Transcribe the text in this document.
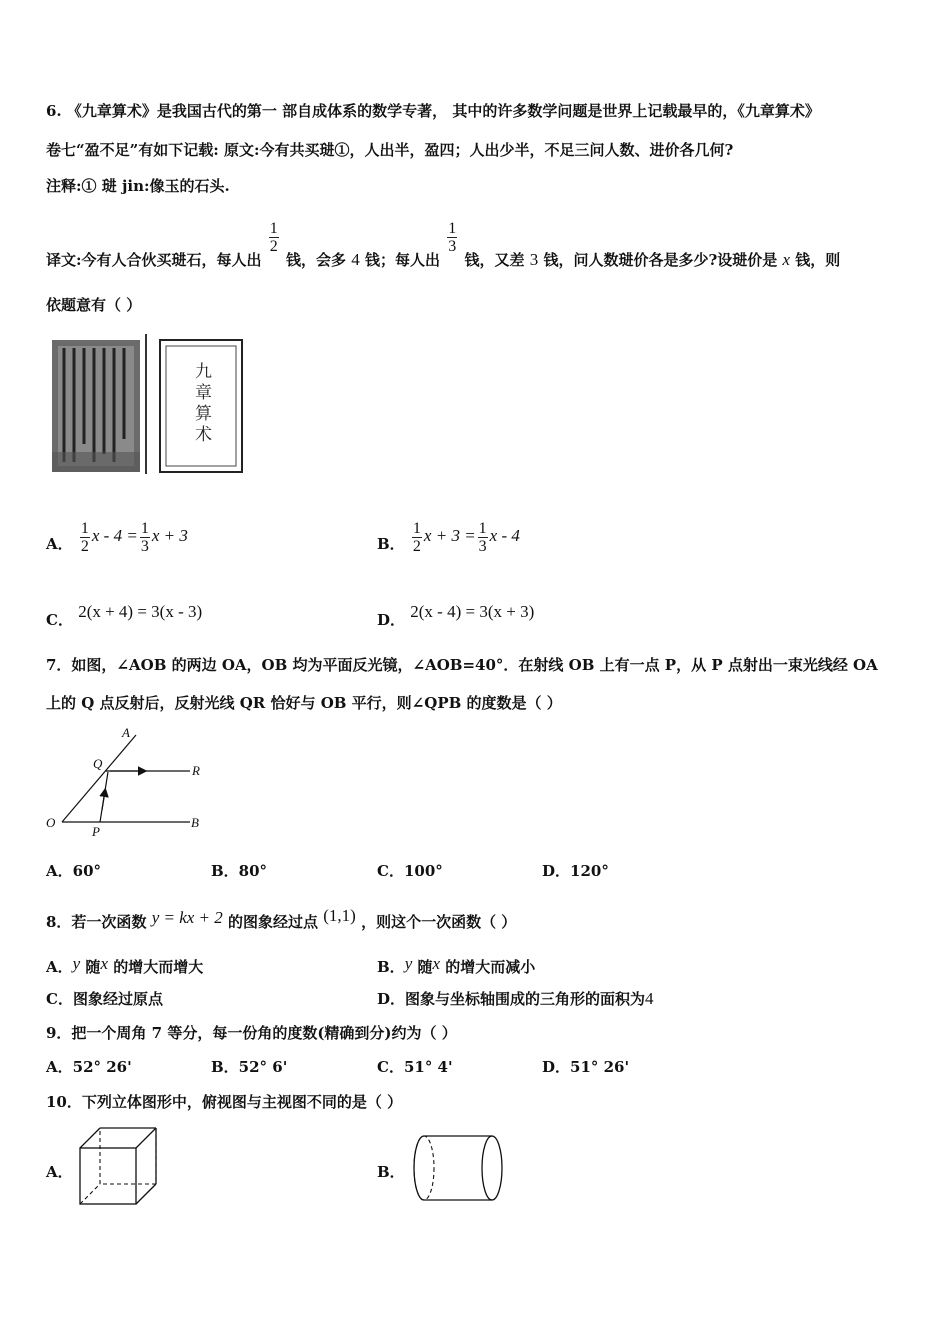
6. 《九章算术》是我国古代的第一 部自成体系的数学专著， 其中的许多数学问题是世界上记载最早的，《九章算术》
卷七“盈不足”有如下记载: 原文:今有共买琎①，人出半，盈四；人出少半，不足三问人数、进价各几何?
注释:① 琎 jin:像玉的石头.
译文:今有人合伙买琎石，每人出
$\frac{1}{2}$
钱，会多 4 钱；每人出
$\frac{1}{3}$
钱，又差 3 钱，问人数琎价各是多少?设琎价是 x 钱，则
依题意有（ ）
九章算术
A． $\frac{1}{2}$ $x - 4 = \frac{1}{3}$ x + 3	B． $\frac{1}{2}$ $x + 3 = \frac{1}{3}$ x - 4
C． 2(x + 4) = 3(x - 3)	D． 2(x - 4) = 3(x + 3)
7．如图，∠AOB 的两边 OA，OB 均为平面反光镜，∠AOB=40°．在射线 OB 上有一点 P，从 P 点射出一束光线经 OA
上的 Q 点反射后，反射光线 QR 恰好与 OB 平行，则∠QPB 的度数是（ ）
A
Q	R
O
P
B
A．60°	B．80°	C．100°	D．120°
8．若一次函数 y = kx + 2 的图象经过点 (1,1) ，则这个一次函数（ ）
A．y 随x 的增大而增大	B．y 随x 的增大而减小
C．图象经过原点	D．图象与坐标轴围成的三角形的面积为4
9．把一个周角 7 等分，每一份角的度数(精确到分)约为（ ）
A．52° 26'	B．52° 6'	C．51° 4'	D．51° 26'
10．下列立体图形中，俯视图与主视图不同的是（ ）
A．	B．
